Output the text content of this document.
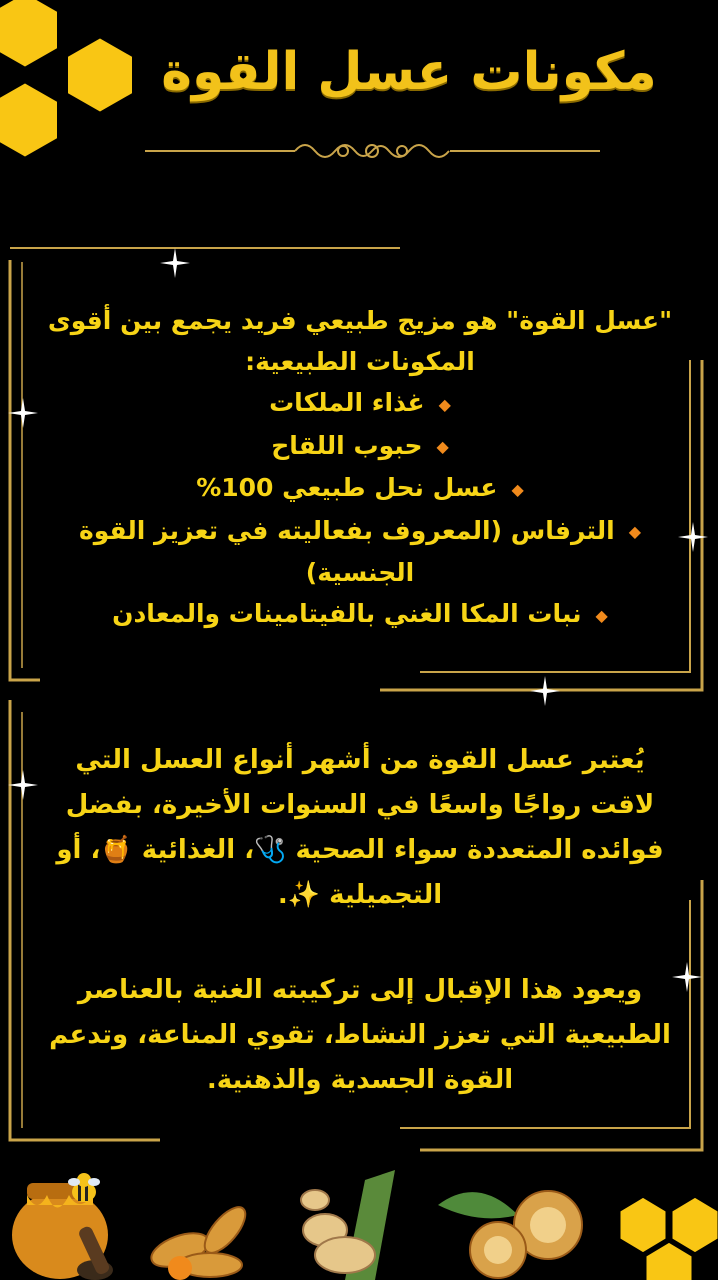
مكونات عسل القوة
"عسل القوة" هو مزيج طبيعي فريد يجمع بين أقوى المكونات الطبيعية:
◆غذاء الملكات
◆حبوب اللقاح
◆عسل نحل طبيعي 100%
◆الترفاس (المعروف بفعاليته في تعزيز القوة الجنسية)
◆نبات المكا الغني بالفيتامينات والمعادن
يُعتبر عسل القوة من أشهر أنواع العسل التي لاقت رواجًا واسعًا في السنوات الأخيرة، بفضل فوائده المتعددة سواء الصحية 🩺، الغذائية 🍯، أو التجميلية ✨.
ويعود هذا الإقبال إلى تركيبته الغنية بالعناصر الطبيعية التي تعزز النشاط، تقوي المناعة، وتدعم القوة الجسدية والذهنية.
